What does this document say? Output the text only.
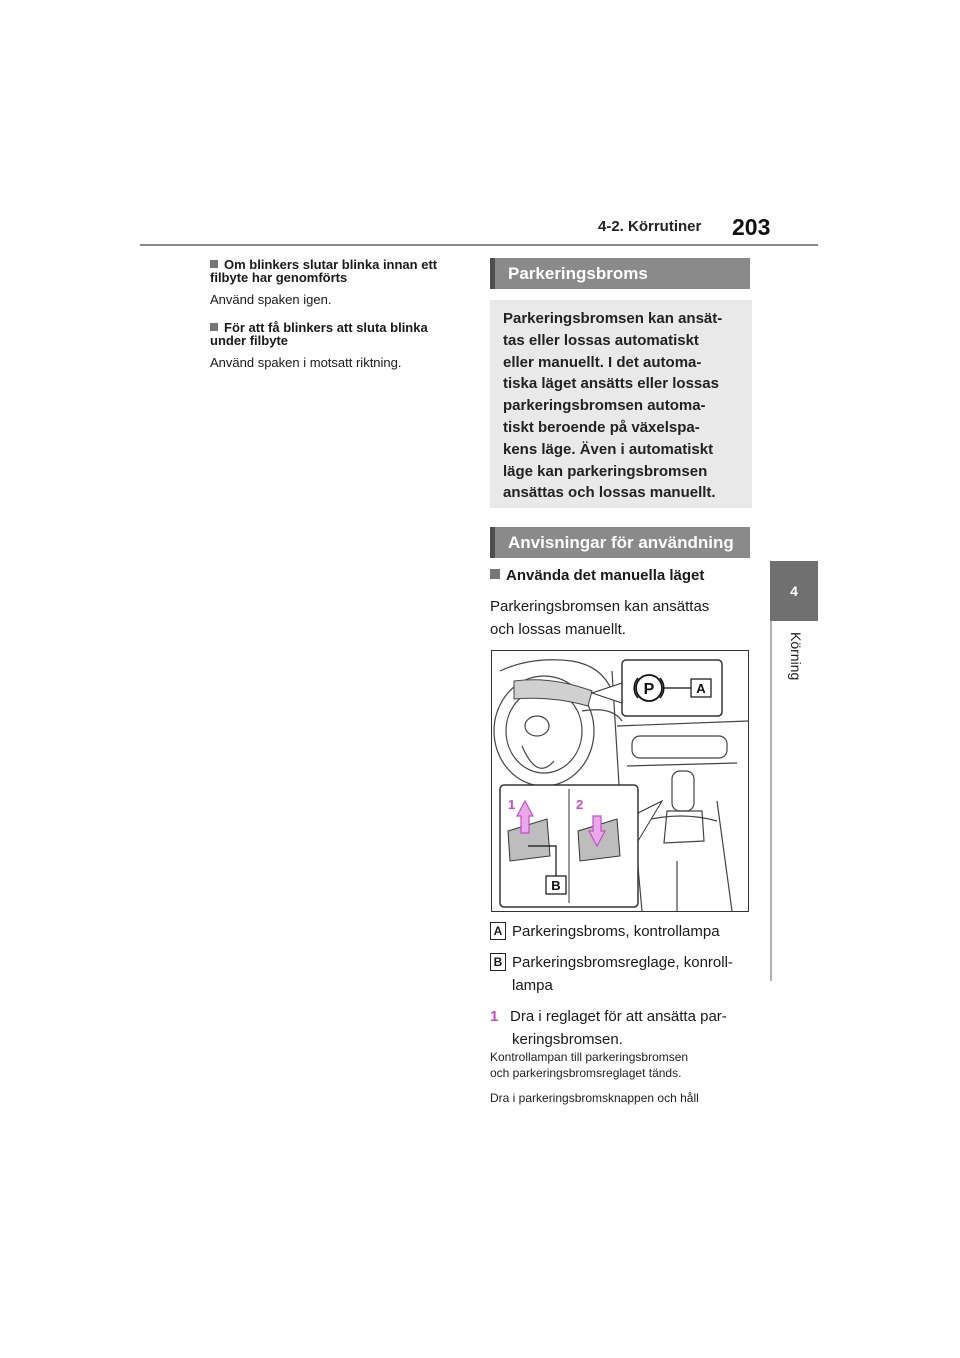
4-2. Körrutiner 203
4
Körning

Om blinkers slutar blinka innan ett
filbyte har genomförts

Använd spaken igen.

För att få blinkers att sluta blinka
under filbyte

Använd spaken i motsatt riktning.

Parkeringsbroms
Parkeringsbromsen kan ansät-
tas eller lossas automatiskt
eller manuellt. I det automa-
tiska läget ansätts eller lossas
parkeringsbromsen automa-
tiskt beroende på växelspa-
kens läge. Även i automatiskt
läge kan parkeringsbromsen
ansättas och lossas manuellt.
Anvisningar för användning
Använda det manuella läget
Parkeringsbromsen kan ansättas
och lossas manuellt.
P	A
1	2
B
A Parkeringsbroms, kontrollampa
B Parkeringsbromsreglage, konroll-
lampa
1 Dra i reglaget för att ansätta par-
keringsbromsen.
Kontrollampan till parkeringsbromsen
och parkeringsbromsreglaget tänds.
Dra i parkeringsbromsknappen och håll
